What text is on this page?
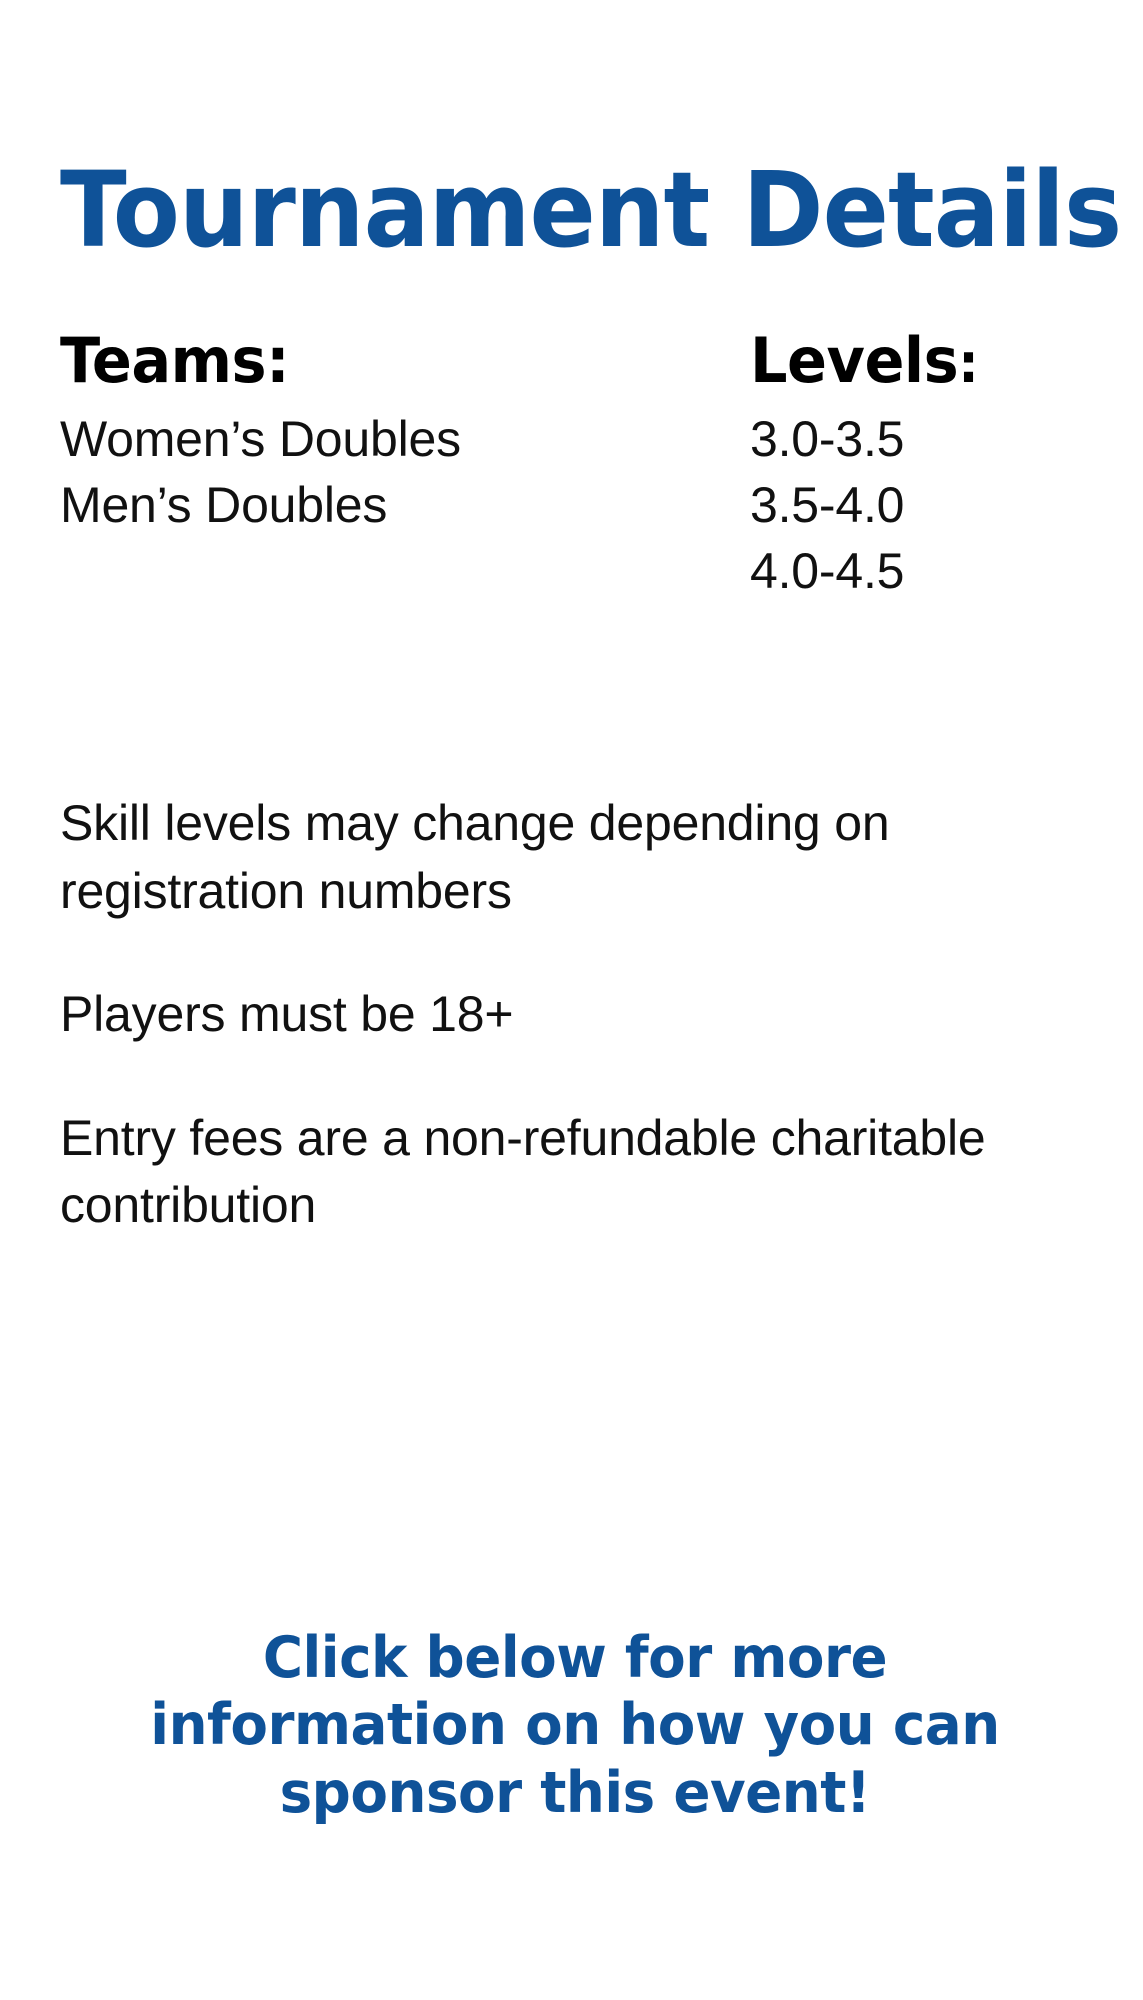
Tournament Details
Teams:
Women’s Doubles
Men’s Doubles
Levels:
3.0-3.5
3.5-4.0
4.0-4.5

Skill levels may change depending on registration numbers

Players must be 18+

Entry fees are a non-refundable charitable contribution

Click below for more information on how you can sponsor this event!
